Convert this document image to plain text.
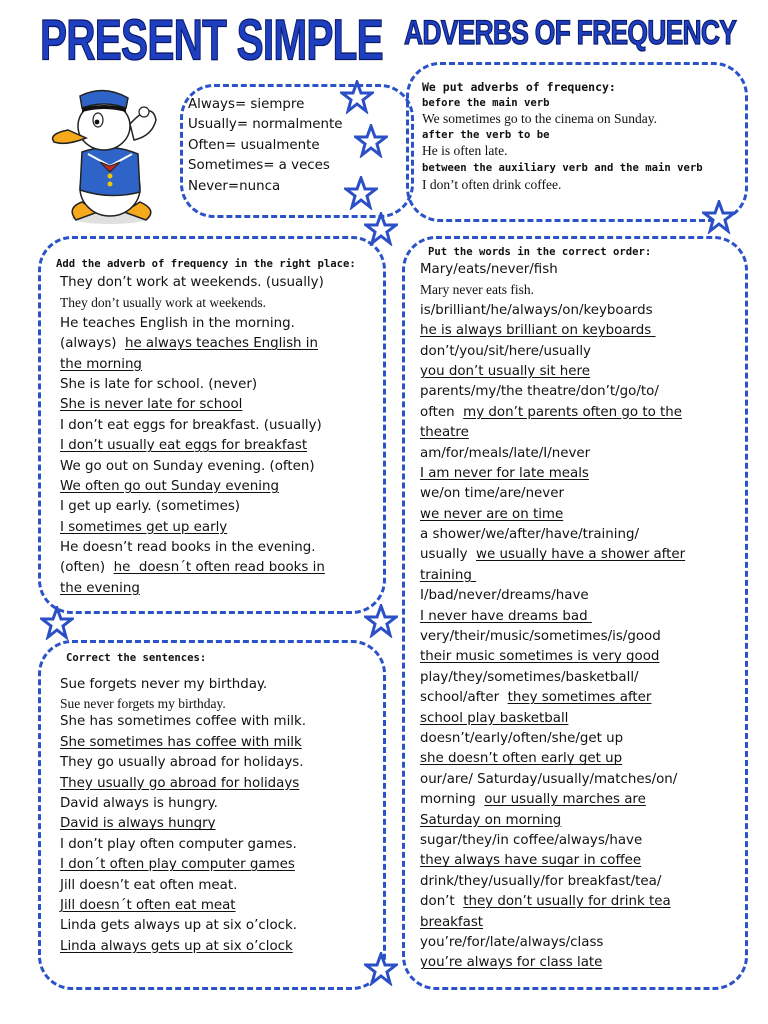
PRESENT SIMPLE ADVERBS OF FREQUENCY
Always= siempre
Usually= normalmente
Often= usualmente
Sometimes= a veces
Never=nunca
We put adverbs of frequency:
before the main verb
We sometimes go to the cinema on Sunday.
after the verb to be
He is often late.
between the auxiliary verb and the main verb
I don’t often drink coffee.
Add the adverb of frequency in the right place:
They don’t work at weekends. (usually)
They don’t usually work at weekends.
He teaches English in the morning.
(always)  he always teaches English in
the morning
She is late for school. (never)
She is never late for school
I don’t eat eggs for breakfast. (usually)
I don’t usually eat eggs for breakfast
We go out on Sunday evening. (often)
We often go out Sunday evening
I get up early. (sometimes)
I sometimes get up early
He doesn’t read books in the evening.
(often)  he  doesn´t often read books in
the evening
Put the words in the correct order:
Mary/eats/never/fish
Mary never eats fish.
is/brilliant/he/always/on/keyboards
he is always brilliant on keyboards
don’t/you/sit/here/usually
you don’t usually sit here
parents/my/the theatre/don’t/go/to/
often  my don’t parents often go to the
theatre
am/for/meals/late/I/never
I am never for late meals
we/on time/are/never
we never are on time
a shower/we/after/have/training/
usually  we usually have a shower after
training
I/bad/never/dreams/have
I never have dreams bad
very/their/music/sometimes/is/good
their music sometimes is very good
play/they/sometimes/basketball/
school/after  they sometimes after
school play basketball
doesn’t/early/often/she/get up
she doesn’t often early get up
our/are/ Saturday/usually/matches/on/
morning  our usually marches are
Saturday on morning
sugar/they/in coffee/always/have
they always have sugar in coffee
drink/they/usually/for breakfast/tea/
don’t  they don’t usually for drink tea
breakfast
you’re/for/late/always/class
you’re always for class late
Correct the sentences:
Sue forgets never my birthday.
Sue never forgets my birthday.
She has sometimes coffee with milk.
She sometimes has coffee with milk
They go usually abroad for holidays.
They usually go abroad for holidays
David always is hungry.
David is always hungry
I don’t play often computer games.
I don´t often play computer games
Jill doesn’t eat often meat.
Jill doesn´t often eat meat
Linda gets always up at six o’clock.
Linda always gets up at six o’clock
